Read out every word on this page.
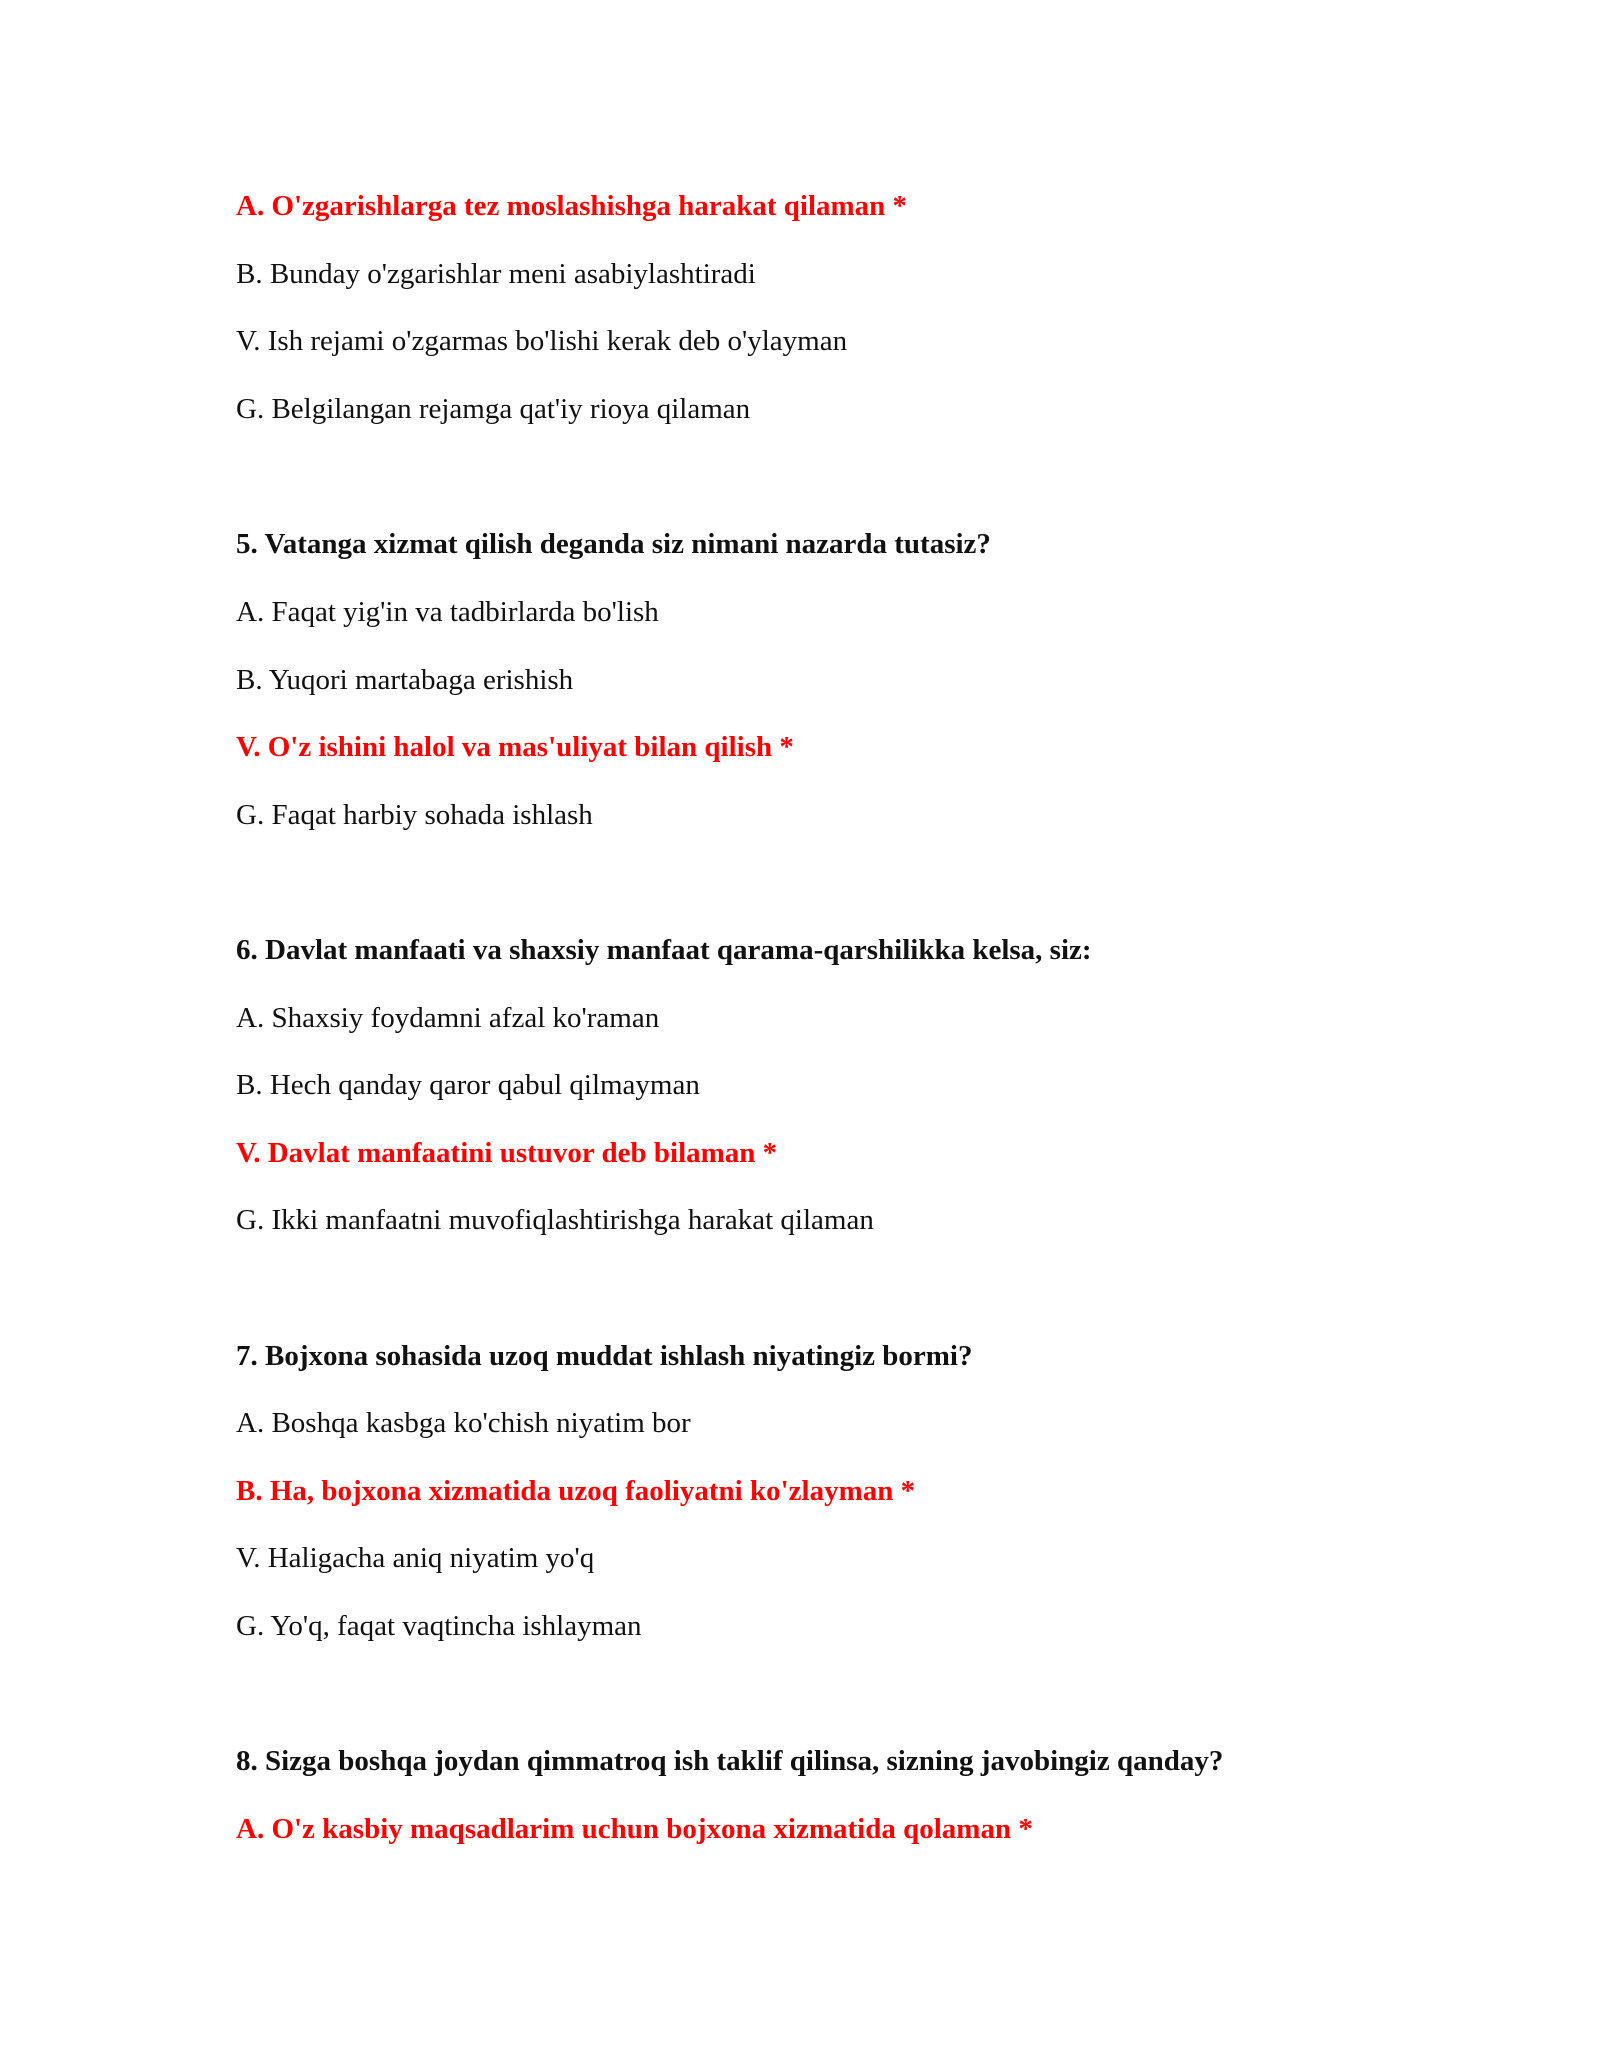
A. O'zgarishlarga tez moslashishga harakat qilaman *

B. Bunday o'zgarishlar meni asabiylashtiradi

V. Ish rejami o'zgarmas bo'lishi kerak deb o'ylayman

G. Belgilangan rejamga qat'iy rioya qilaman

5. Vatanga xizmat qilish deganda siz nimani nazarda tutasiz?

A. Faqat yig'in va tadbirlarda bo'lish

B. Yuqori martabaga erishish

V. O'z ishini halol va mas'uliyat bilan qilish *

G. Faqat harbiy sohada ishlash

6. Davlat manfaati va shaxsiy manfaat qarama-qarshilikka kelsa, siz:

A. Shaxsiy foydamni afzal ko'raman

B. Hech qanday qaror qabul qilmayman

V. Davlat manfaatini ustuvor deb bilaman *

G. Ikki manfaatni muvofiqlashtirishga harakat qilaman

7. Bojxona sohasida uzoq muddat ishlash niyatingiz bormi?

A. Boshqa kasbga ko'chish niyatim bor

B. Ha, bojxona xizmatida uzoq faoliyatni ko'zlayman *

V. Haligacha aniq niyatim yo'q

G. Yo'q, faqat vaqtincha ishlayman

8. Sizga boshqa joydan qimmatroq ish taklif qilinsa, sizning javobingiz qanday?

A. O'z kasbiy maqsadlarim uchun bojxona xizmatida qolaman *
